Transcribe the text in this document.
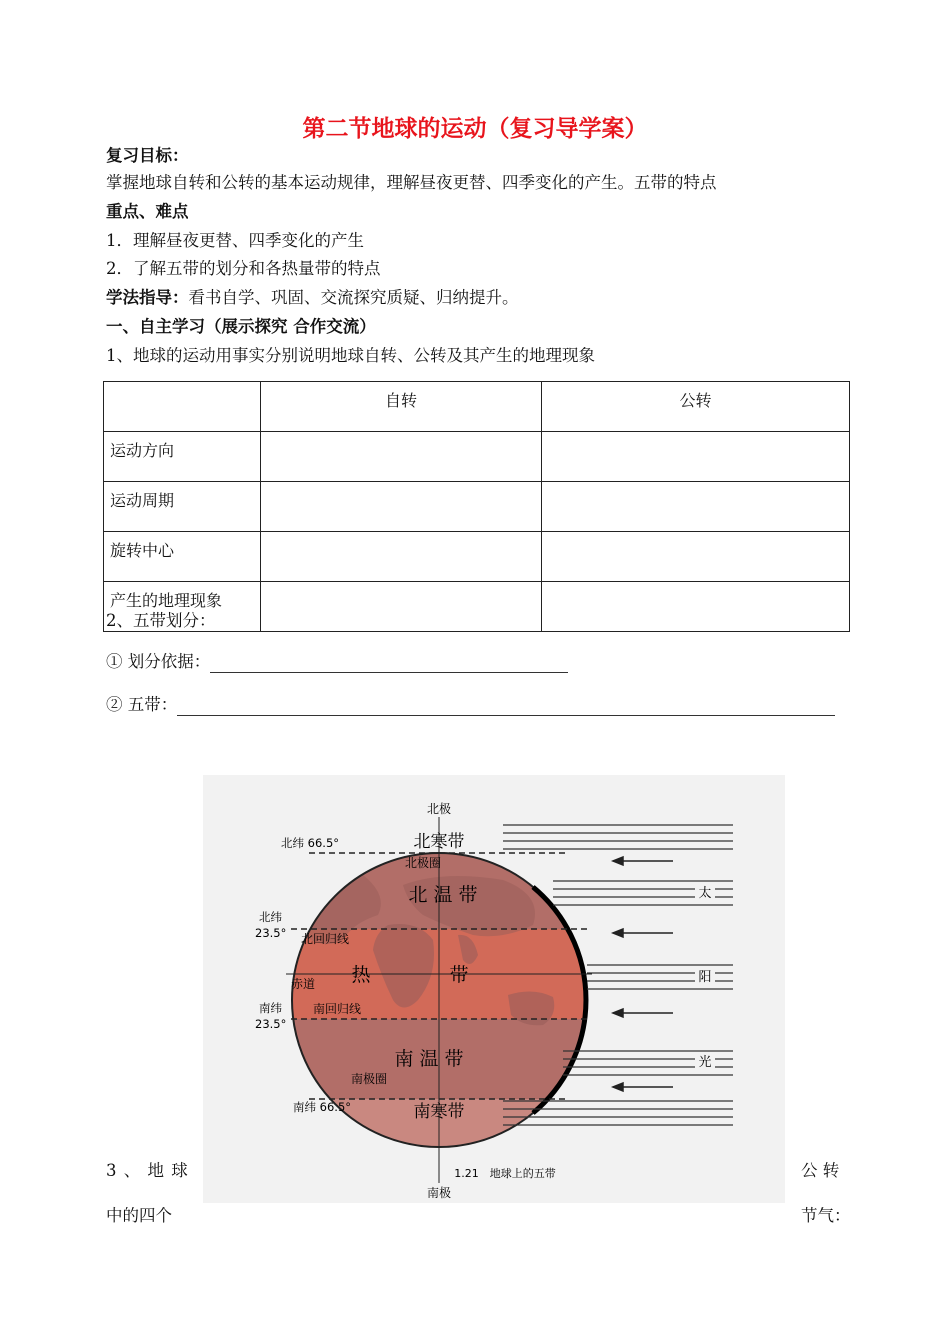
第二节地球的运动（复习导学案）
复习目标：
掌握地球自转和公转的基本运动规律，理解昼夜更替、四季变化的产生。五带的特点
重点、难点
1．理解昼夜更替、四季变化的产生
2．了解五带的划分和各热量带的特点
学法指导：看书自学、巩固、交流探究质疑、归纳提升。
一、自主学习（展示探究 合作交流）
1、地球的运动用事实分别说明地球自转、公转及其产生的地理现象
	自转	公转
运动方向		
运动周期		
旋转中心		
产生的地理现象		
2、五带划分：
① 划分依据：
② 五带：
北极
南极
北纬 66.5°
北纬
23.5°
南纬
23.5°
南纬 66.5°
北极圈
南极圈
北回归线
南回归线
赤道
北寒带
北 温 带
热	带
南 温 带
南寒带
太
阳
光
1.21　地球上的五带
3 、 地 球	公 转
中的四个	节气：
